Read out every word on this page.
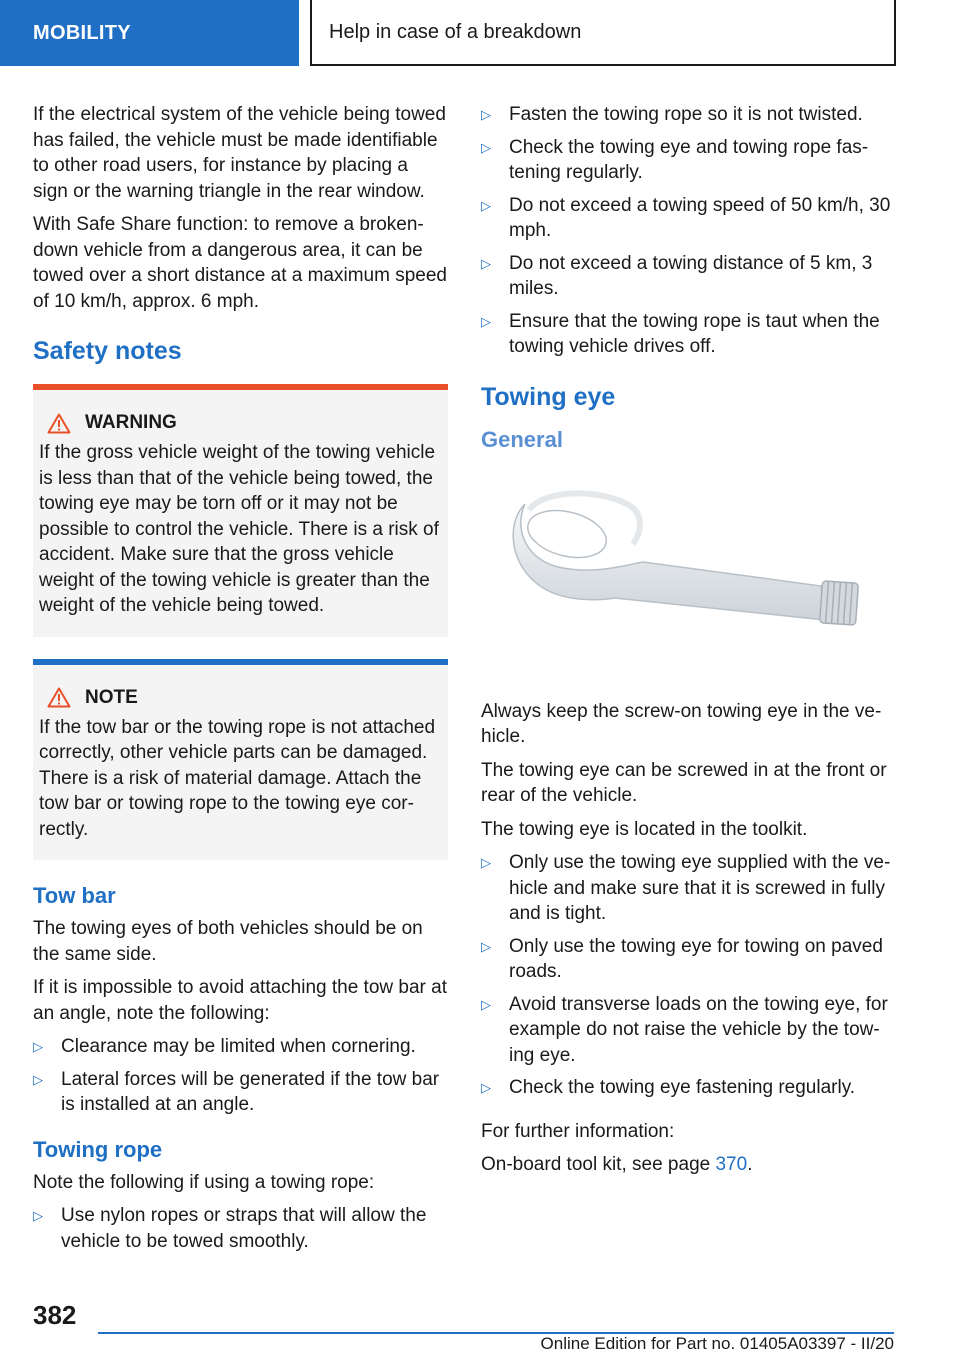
MOBILITY	Help in case of a breakdown

If the electrical system of the vehicle being towed has failed, the vehicle must be made identifiable to other road users, for instance by placing a sign or the warning triangle in the rear window.

With Safe Share function: to remove a broken-down vehicle from a dangerous area, it can be towed over a short distance at a maximum speed of 10 km/h, approx. 6 mph.

Safety notes
WARNING

If the gross vehicle weight of the towing vehicle is less than that of the vehicle being towed, the towing eye may be torn off or it may not be possible to control the vehicle. There is a risk of accident. Make sure that the gross vehicle weight of the towing vehicle is greater than the weight of the vehicle being towed.

NOTE

If the tow bar or the towing rope is not attached correctly, other vehicle parts can be damaged. There is a risk of material damage. Attach the tow bar or towing rope to the towing eye correctly.

Tow bar

The towing eyes of both vehicles should be on the same side.

If it is impossible to avoid attaching the tow bar at an angle, note the following:

▷ Clearance may be limited when cornering.
▷ Lateral forces will be generated if the tow bar is installed at an angle.
Towing rope

Note the following if using a towing rope:

▷ Use nylon ropes or straps that will allow the vehicle to be towed smoothly.
▷ Fasten the towing rope so it is not twisted.
▷ Check the towing eye and towing rope fastening regularly.
▷ Do not exceed a towing speed of 50 km/h, 30 mph.
▷ Do not exceed a towing distance of 5 km, 3 miles.
▷ Ensure that the towing rope is taut when the towing vehicle drives off.
Towing eye
General

Always keep the screw-on towing eye in the vehicle.

The towing eye can be screwed in at the front or rear of the vehicle.

The towing eye is located in the toolkit.

▷ Only use the towing eye supplied with the vehicle and make sure that it is screwed in fully and is tight.
▷ Only use the towing eye for towing on paved roads.
▷ Avoid transverse loads on the towing eye, for example do not raise the vehicle by the towing eye.
▷ Check the towing eye fastening regularly.

For further information:

On-board tool kit, see page 370.

382
Online Edition for Part no. 01405A03397 - II/20
